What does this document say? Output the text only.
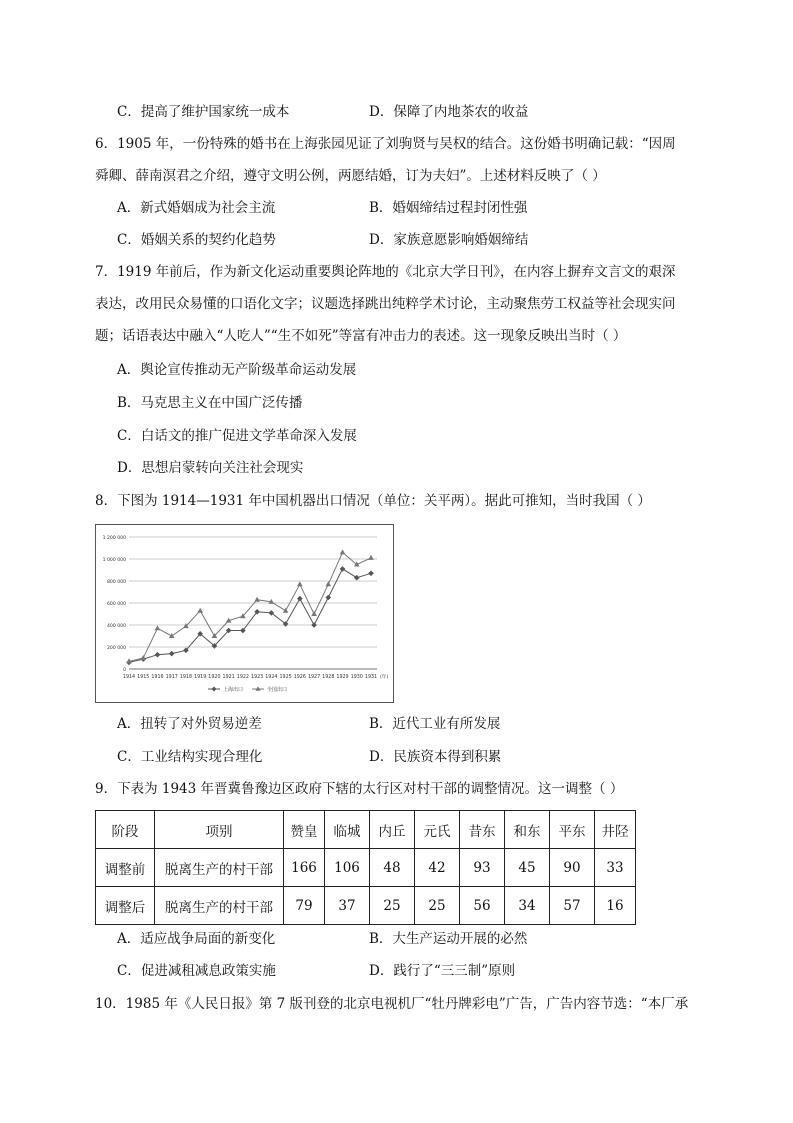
C．提高了维护国家统一成本	D．保障了内地茶农的收益
6．1905 年，一份特殊的婚书在上海张园见证了刘驹贤与吴权的结合。这份婚书明确记载：“因周
舜卿、薛南溟君之介绍，遵守文明公例，两愿结婚，订为夫妇”。上述材料反映了（ ）
A．新式婚姻成为社会主流	B．婚姻缔结过程封闭性强
C．婚姻关系的契约化趋势	D．家族意愿影响婚姻缔结
7．1919 年前后，作为新文化运动重要舆论阵地的《北京大学日刊》，在内容上摒弃文言文的艰深
表达，改用民众易懂的口语化文字；议题选择跳出纯粹学术讨论，主动聚焦劳工权益等社会现实问
题；话语表达中融入“人吃人”“生不如死”等富有冲击力的表述。这一现象反映出当时（ ）
A．舆论宣传推动无产阶级革命运动发展
B．马克思主义在中国广泛传播
C．白话文的推广促进文学革命深入发展
D．思想启蒙转向关注社会现实
8．下图为 1914—1931 年中国机器出口情况（单位：关平两）。据此可推知，当时我国（ ）
0
200 000
400 000
600 000
800 000
1 000 000
1 200 000
1914 1915 1916 1917 1918 1919 1920 1921 1922 1923 1924 1925 1926 1927 1928 1929 1930 1931 (年)
上海出口	全国出口
A．扭转了对外贸易逆差	B．近代工业有所发展
C．工业结构实现合理化	D．民族资本得到积累
9．下表为 1943 年晋冀鲁豫边区政府下辖的太行区对村干部的调整情况。这一调整（ ）
阶段	项别	赞皇	临城	内丘	元氏	昔东	和东	平东	井陉
调整前	脱离生产的村干部	166	106	48	42	93	45	90	33
调整后	脱离生产的村干部	79	37	25	25	56	34	57	16
A．适应战争局面的新变化	B．大生产运动开展的必然
C．促进减租减息政策实施	D．践行了“三三制”原则
10．1985 年《人民日报》第 7 版刊登的北京电视机厂“牡丹牌彩电”广告，广告内容节选：“本厂承
